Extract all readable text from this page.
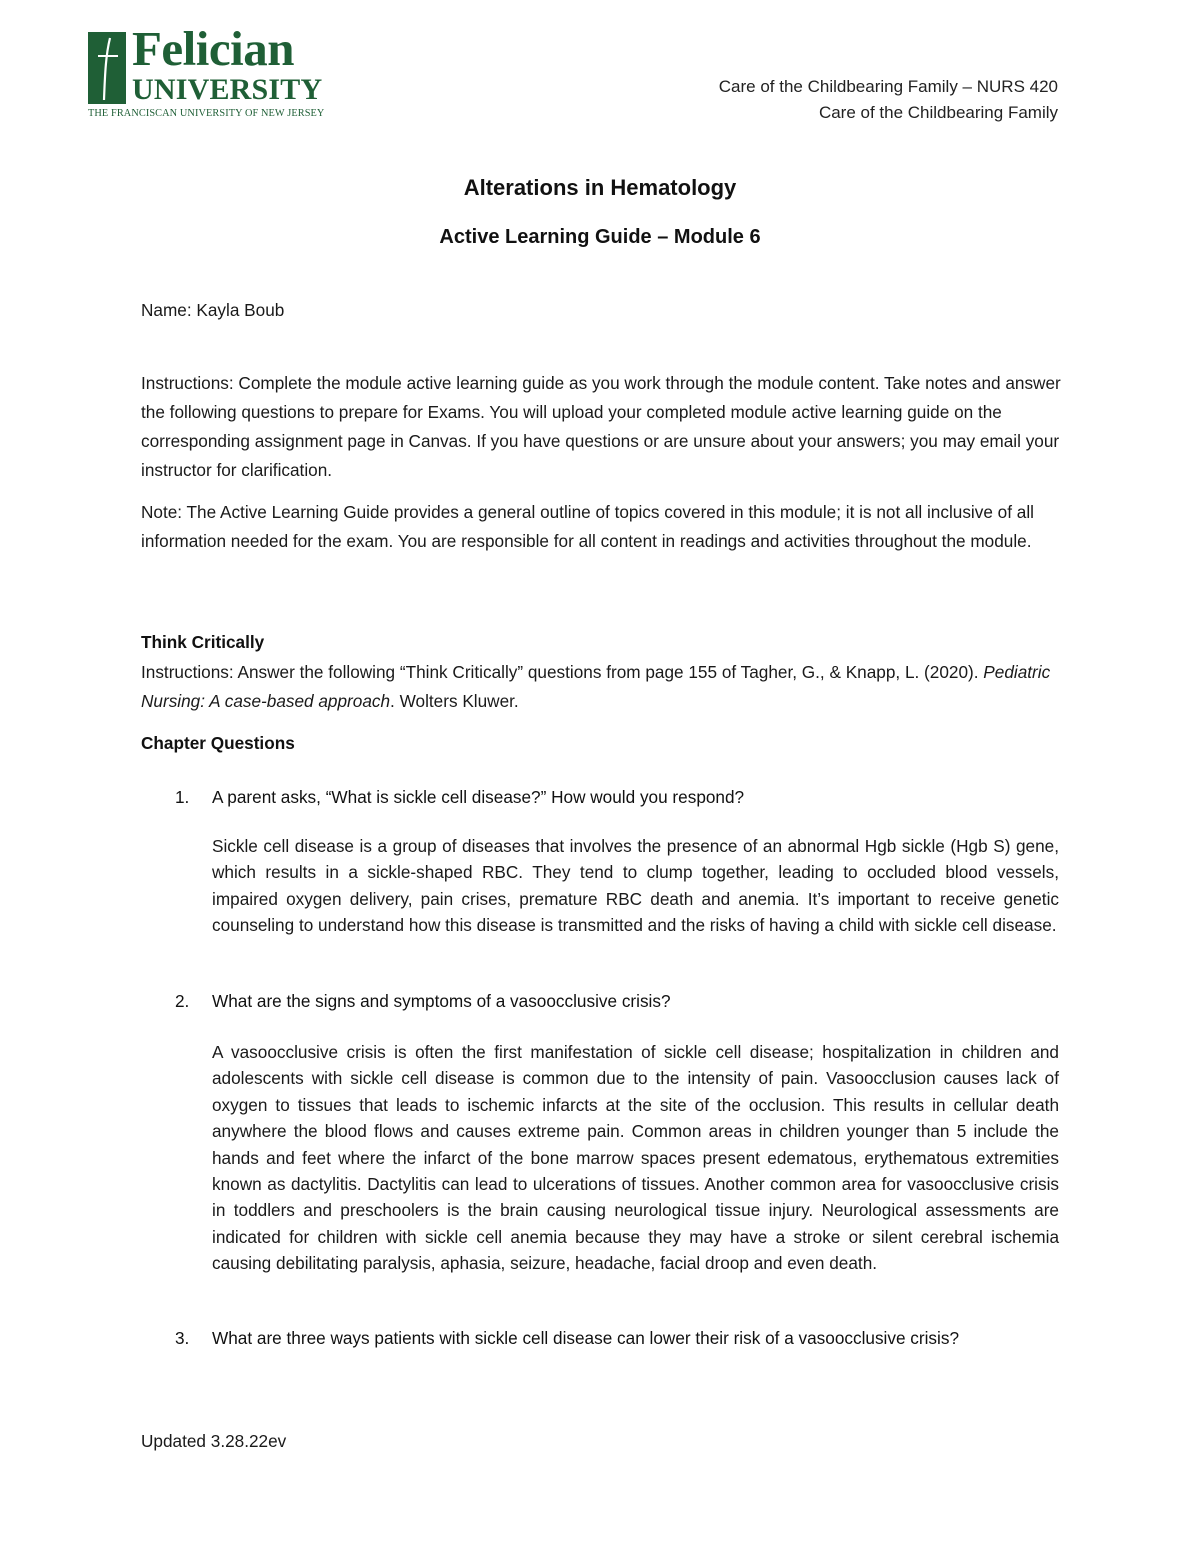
Felician
UNIVERSITY
THE FRANCISCAN UNIVERSITY OF NEW JERSEY
Care of the Childbearing Family – NURS 420
Care of the Childbearing Family
Alterations in Hematology
Active Learning Guide – Module 6
Name: Kayla Boub
Instructions: Complete the module active learning guide as you work through the module content. Take notes and answer the following questions to prepare for Exams. You will upload your completed module active learning guide on the corresponding assignment page in Canvas. If you have questions or are unsure about your answers; you may email your instructor for clarification.
Note: The Active Learning Guide provides a general outline of topics covered in this module; it is not all inclusive of all information needed for the exam. You are responsible for all content in readings and activities throughout the module.
Think Critically
Instructions: Answer the following “Think Critically” questions from page 155 of Tagher, G., & Knapp, L. (2020). Pediatric Nursing: A case-based approach. Wolters Kluwer.
Chapter Questions
1. A parent asks, “What is sickle cell disease?” How would you respond?
Sickle cell disease is a group of diseases that involves the presence of an abnormal Hgb sickle (Hgb S) gene, which results in a sickle-shaped RBC. They tend to clump together, leading to occluded blood vessels, impaired oxygen delivery, pain crises, premature RBC death and anemia. It’s important to receive genetic counseling to understand how this disease is transmitted and the risks of having a child with sickle cell disease.
2. What are the signs and symptoms of a vasoocclusive crisis?
A vasoocclusive crisis is often the first manifestation of sickle cell disease; hospitalization in children and adolescents with sickle cell disease is common due to the intensity of pain. Vasoocclusion causes lack of oxygen to tissues that leads to ischemic infarcts at the site of the occlusion. This results in cellular death anywhere the blood flows and causes extreme pain. Common areas in children younger than 5 include the hands and feet where the infarct of the bone marrow spaces present edematous, erythematous extremities known as dactylitis. Dactylitis can lead to ulcerations of tissues. Another common area for vasoocclusive crisis in toddlers and preschoolers is the brain causing neurological tissue injury. Neurological assessments are indicated for children with sickle cell anemia because they may have a stroke or silent cerebral ischemia causing debilitating paralysis, aphasia, seizure, headache, facial droop and even death.
3. What are three ways patients with sickle cell disease can lower their risk of a vasoocclusive crisis?
Updated 3.28.22ev
